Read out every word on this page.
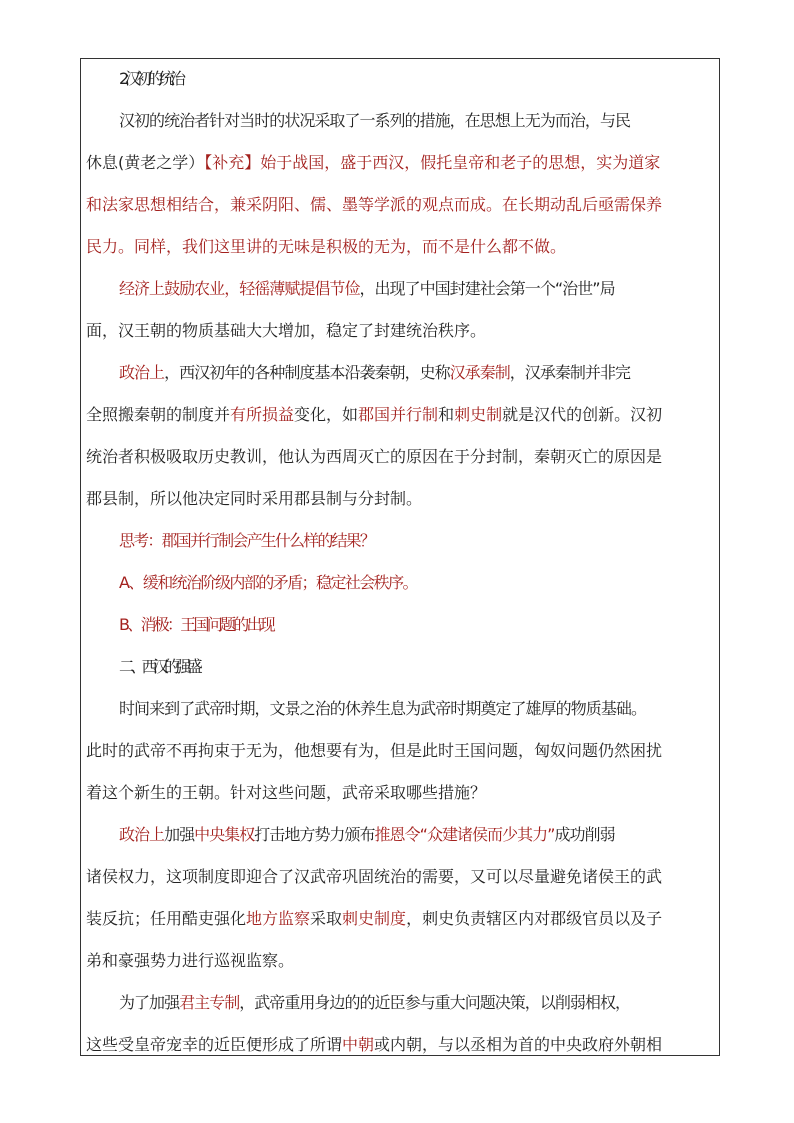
2.汉初的统治
汉初的统治者针对当时的状况采取了一系列的措施，在思想上无为而治，与民
休息(黄老之学）【补充】始于战国，盛于西汉，假托皇帝和老子的思想，实为道家
和法家思想相结合，兼采阴阳、儒、墨等学派的观点而成。在长期动乱后亟需保养
民力。同样，我们这里讲的无味是积极的无为，而不是什么都不做。
经济上鼓励农业，轻徭薄赋提倡节俭，出现了中国封建社会第一个“治世”局
面，汉王朝的物质基础大大增加，稳定了封建统治秩序。
政治上，西汉初年的各种制度基本沿袭秦朝，史称汉承秦制，汉承秦制并非完
全照搬秦朝的制度并有所损益变化，如郡国并行制和刺史制就是汉代的创新。汉初
统治者积极吸取历史教训，他认为西周灭亡的原因在于分封制，秦朝灭亡的原因是
郡县制，所以他决定同时采用郡县制与分封制。
思考：郡国并行制会产生什么样的结果？
A、缓和统治阶级内部的矛盾；稳定社会秩序。
B、消极：王国问题的出现
二、西汉的强盛
时间来到了武帝时期，文景之治的休养生息为武帝时期奠定了雄厚的物质基础。
此时的武帝不再拘束于无为，他想要有为，但是此时王国问题，匈奴问题仍然困扰
着这个新生的王朝。针对这些问题，武帝采取哪些措施？
政治上加强中央集权打击地方势力颁布推恩令“众建诸侯而少其力”成功削弱
诸侯权力，这项制度即迎合了汉武帝巩固统治的需要，又可以尽量避免诸侯王的武
装反抗；任用酷吏强化地方监察采取刺史制度，刺史负责辖区内对郡级官员以及子
弟和豪强势力进行巡视监察。
为了加强君主专制，武帝重用身边的的近臣参与重大问题决策，以削弱相权，
这些受皇帝宠幸的近臣便形成了所谓中朝或内朝，与以丞相为首的中央政府外朝相
